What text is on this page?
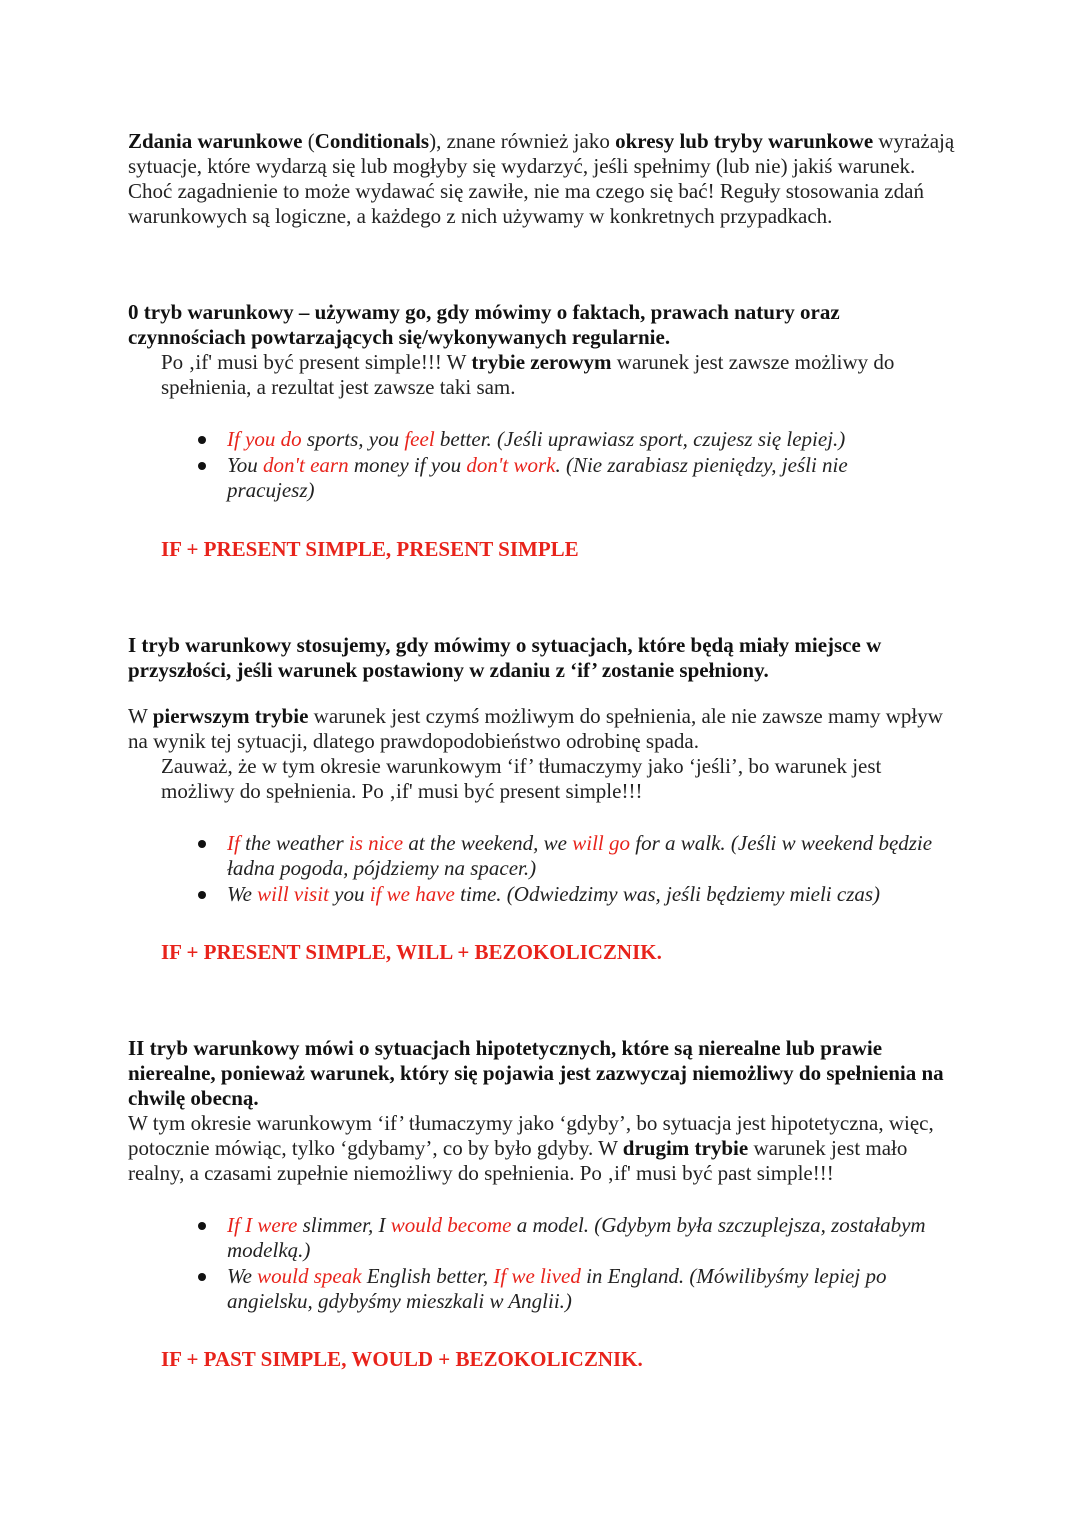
Zdania warunkowe (Conditionals), znane również jako okresy lub tryby warunkowe wyrażają sytuacje, które wydarzą się lub mogłyby się wydarzyć, jeśli spełnimy (lub nie) jakiś warunek. Choć zagadnienie to może wydawać się zawiłe, nie ma czego się bać! Reguły stosowania zdań warunkowych są logiczne, a każdego z nich używamy w konkretnych przypadkach.

0 tryb warunkowy – używamy go, gdy mówimy o faktach, prawach natury oraz czynnościach powtarzających się/wykonywanych regularnie.

Po ‚if' musi być present simple!!! W trybie zerowym warunek jest zawsze możliwy do spełnienia, a rezultat jest zawsze taki sam.

If you do sports, you feel better. (Jeśli uprawiasz sport, czujesz się lepiej.)
You don't earn money if you don't work. (Nie zarabiasz pieniędzy, jeśli nie pracujesz)

IF + PRESENT SIMPLE, PRESENT SIMPLE

I tryb warunkowy stosujemy, gdy mówimy o sytuacjach, które będą miały miejsce w przyszłości, jeśli warunek postawiony w zdaniu z ‘if’ zostanie spełniony.

W pierwszym trybie warunek jest czymś możliwym do spełnienia, ale nie zawsze mamy wpływ na wynik tej sytuacji, dlatego prawdopodobieństwo odrobinę spada.

Zauważ, że w tym okresie warunkowym ‘if’ tłumaczymy jako ‘jeśli’, bo warunek jest możliwy do spełnienia. Po ‚if' musi być present simple!!!

If the weather is nice at the weekend, we will go for a walk. (Jeśli w weekend będzie ładna pogoda, pójdziemy na spacer.)
We will visit you if we have time. (Odwiedzimy was, jeśli będziemy mieli czas)

IF + PRESENT SIMPLE, WILL + BEZOKOLICZNIK.

II tryb warunkowy mówi o sytuacjach hipotetycznych, które są nierealne lub prawie nierealne, ponieważ warunek, który się pojawia jest zazwyczaj niemożliwy do spełnienia na chwilę obecną.

W tym okresie warunkowym ‘if’ tłumaczymy jako ‘gdyby’, bo sytuacja jest hipotetyczna, więc, potocznie mówiąc, tylko ‘gdybamy’, co by było gdyby. W drugim trybie warunek jest mało realny, a czasami zupełnie niemożliwy do spełnienia. Po ‚if' musi być past simple!!!

If I were slimmer, I would become a model. (Gdybym była szczuplejsza, zostałabym modelką.)
We would speak English better, If we lived in England. (Mówilibyśmy lepiej po angielsku, gdybyśmy mieszkali w Anglii.)

IF + PAST SIMPLE, WOULD + BEZOKOLICZNIK.
